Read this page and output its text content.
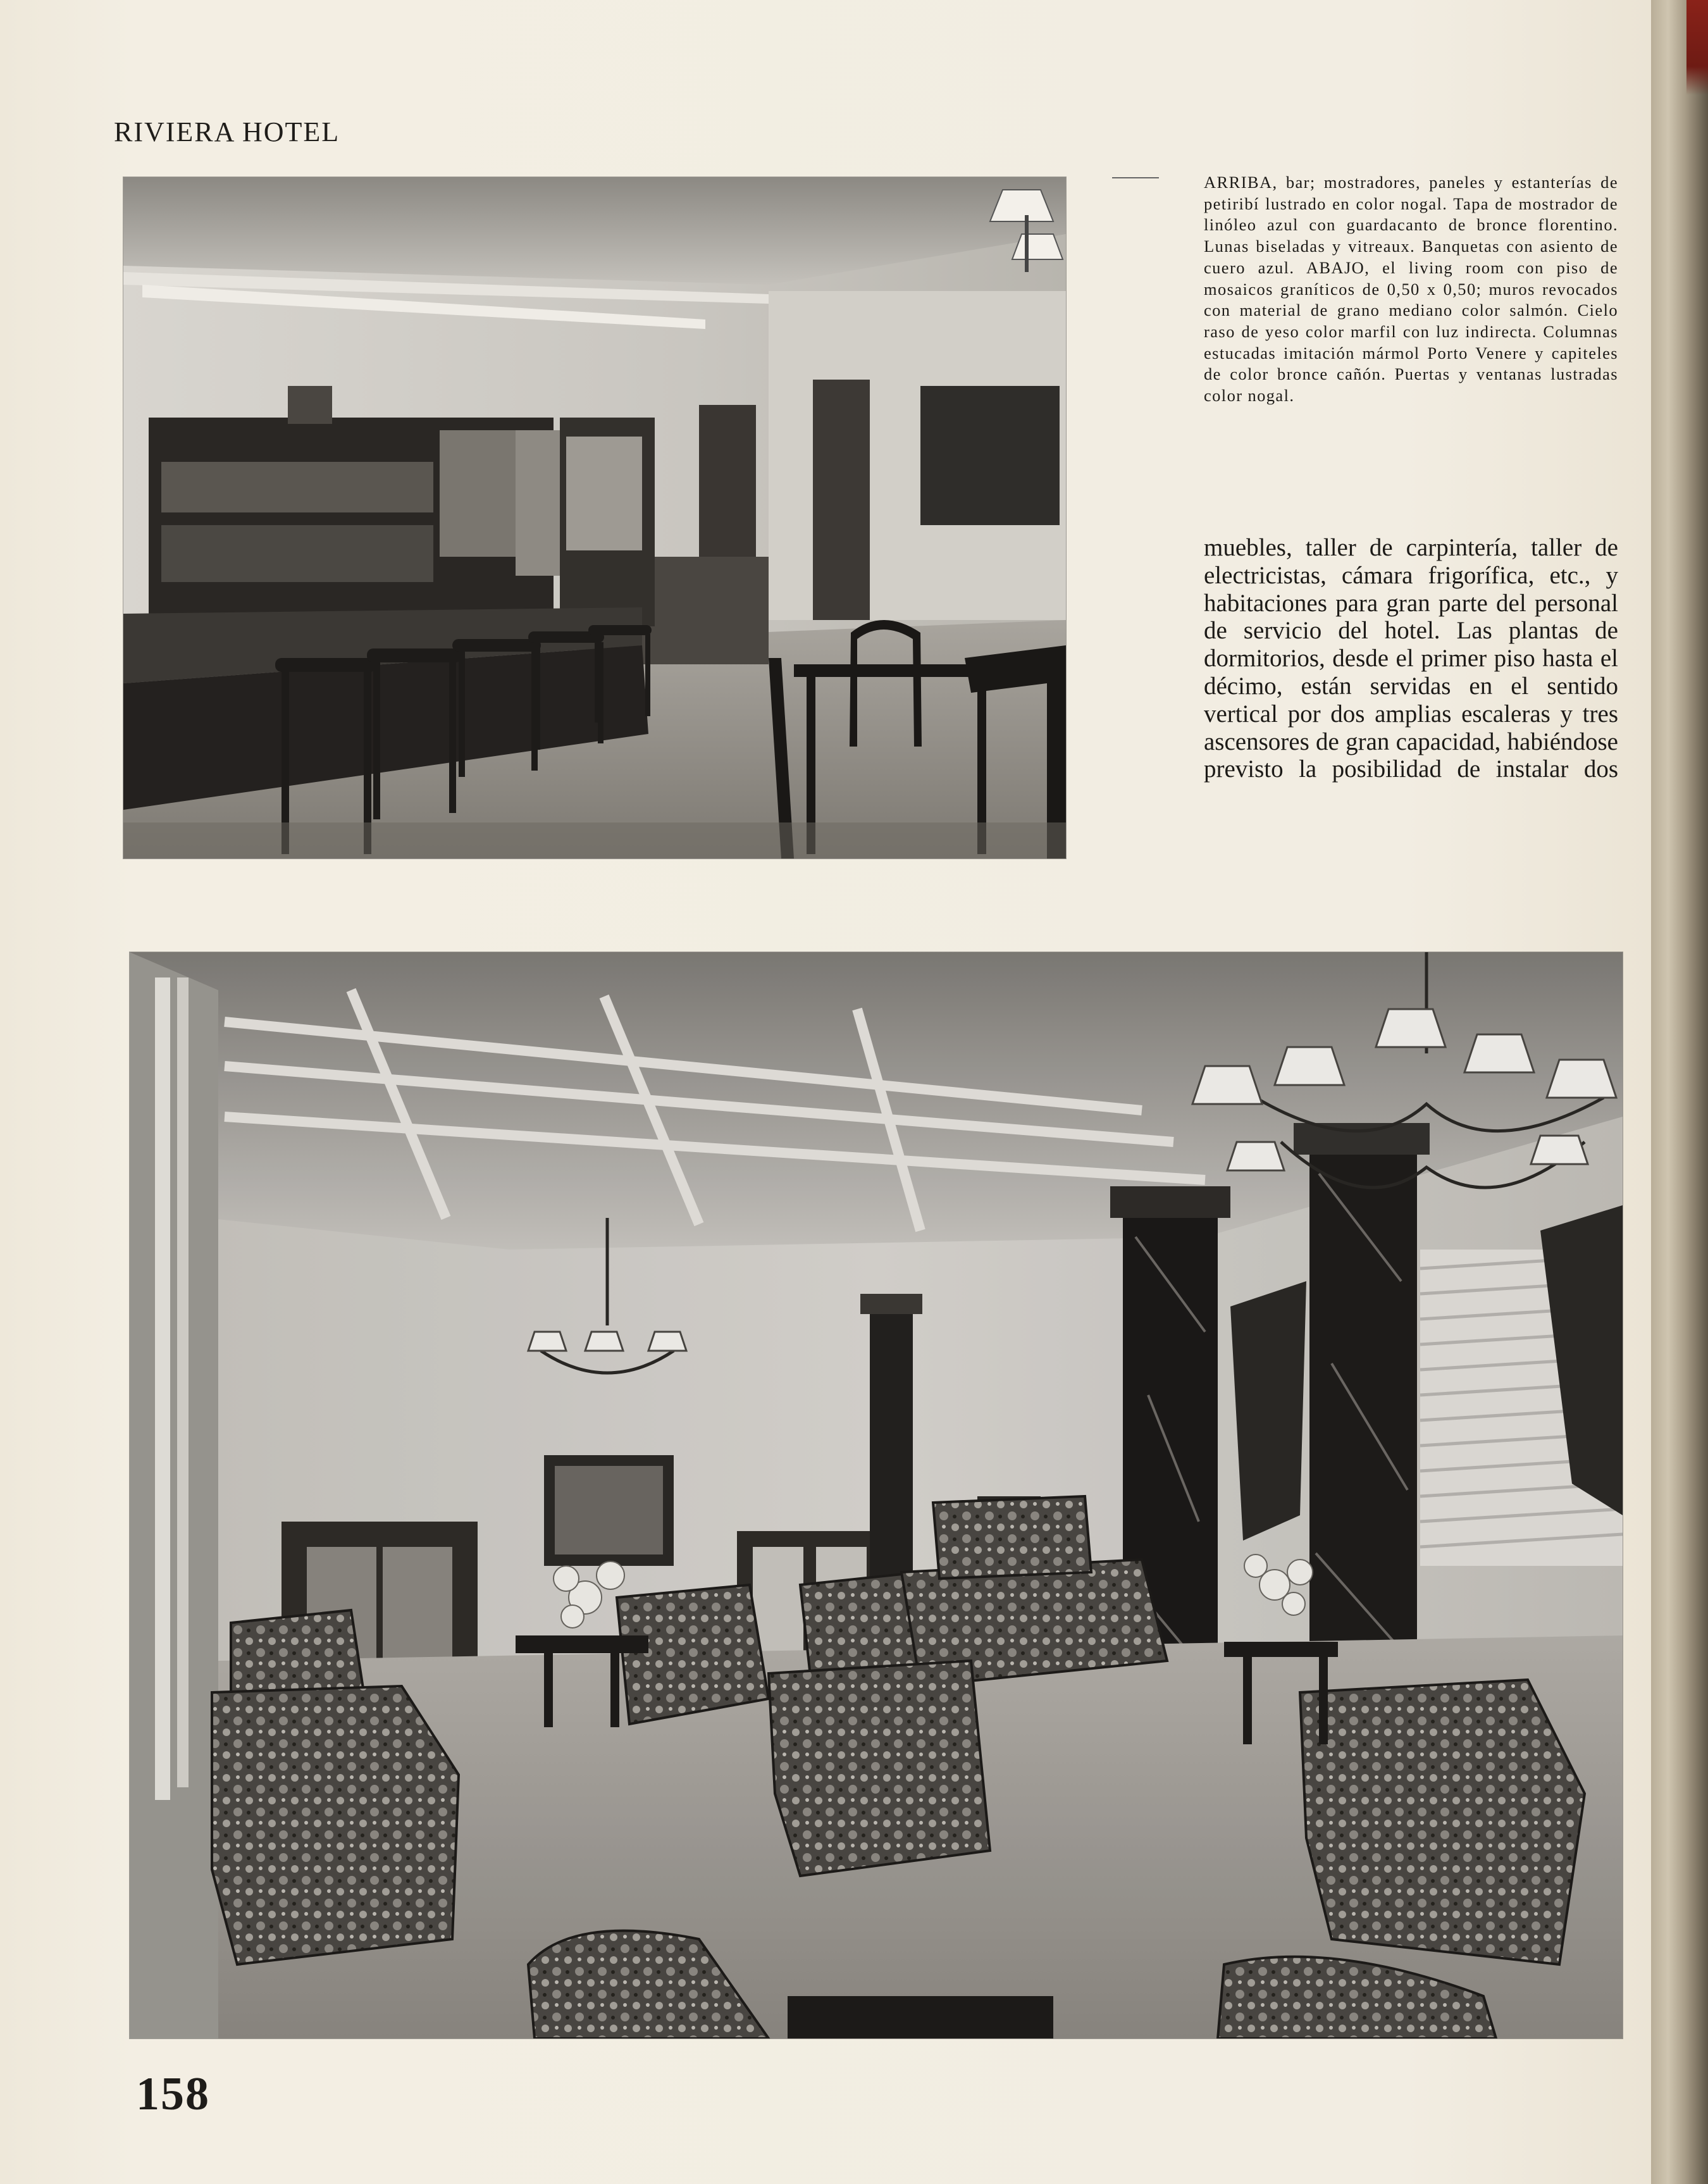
RIVIERA HOTEL
ARRIBA, bar; mostradores, paneles y estanterías de petiribí lustrado en color nogal. Tapa de mostrador de linóleo azul con guardacanto de bronce florentino. Lunas biseladas y vitreaux. Banquetas con asiento de cuero azul. ABAJO, el living room con piso de mosaicos graníticos de 0,50 x 0,50; muros revocados con material de grano mediano color salmón. Cielo raso de yeso color marfil con luz indirecta. Columnas estucadas imitación mármol Porto Venere y capiteles de color bronce cañón. Puertas y ventanas lustradas color nogal.
muebles, taller de carpintería, taller de electricistas, cámara frigorífica, etc., y habitaciones para gran parte del personal de servicio del hotel. Las plantas de dormitorios, desde el primer piso hasta el décimo, están servidas en el sentido vertical por dos amplias escaleras y tres ascensores de gran capacidad, habiéndose previsto la posibilidad de instalar dos
158
